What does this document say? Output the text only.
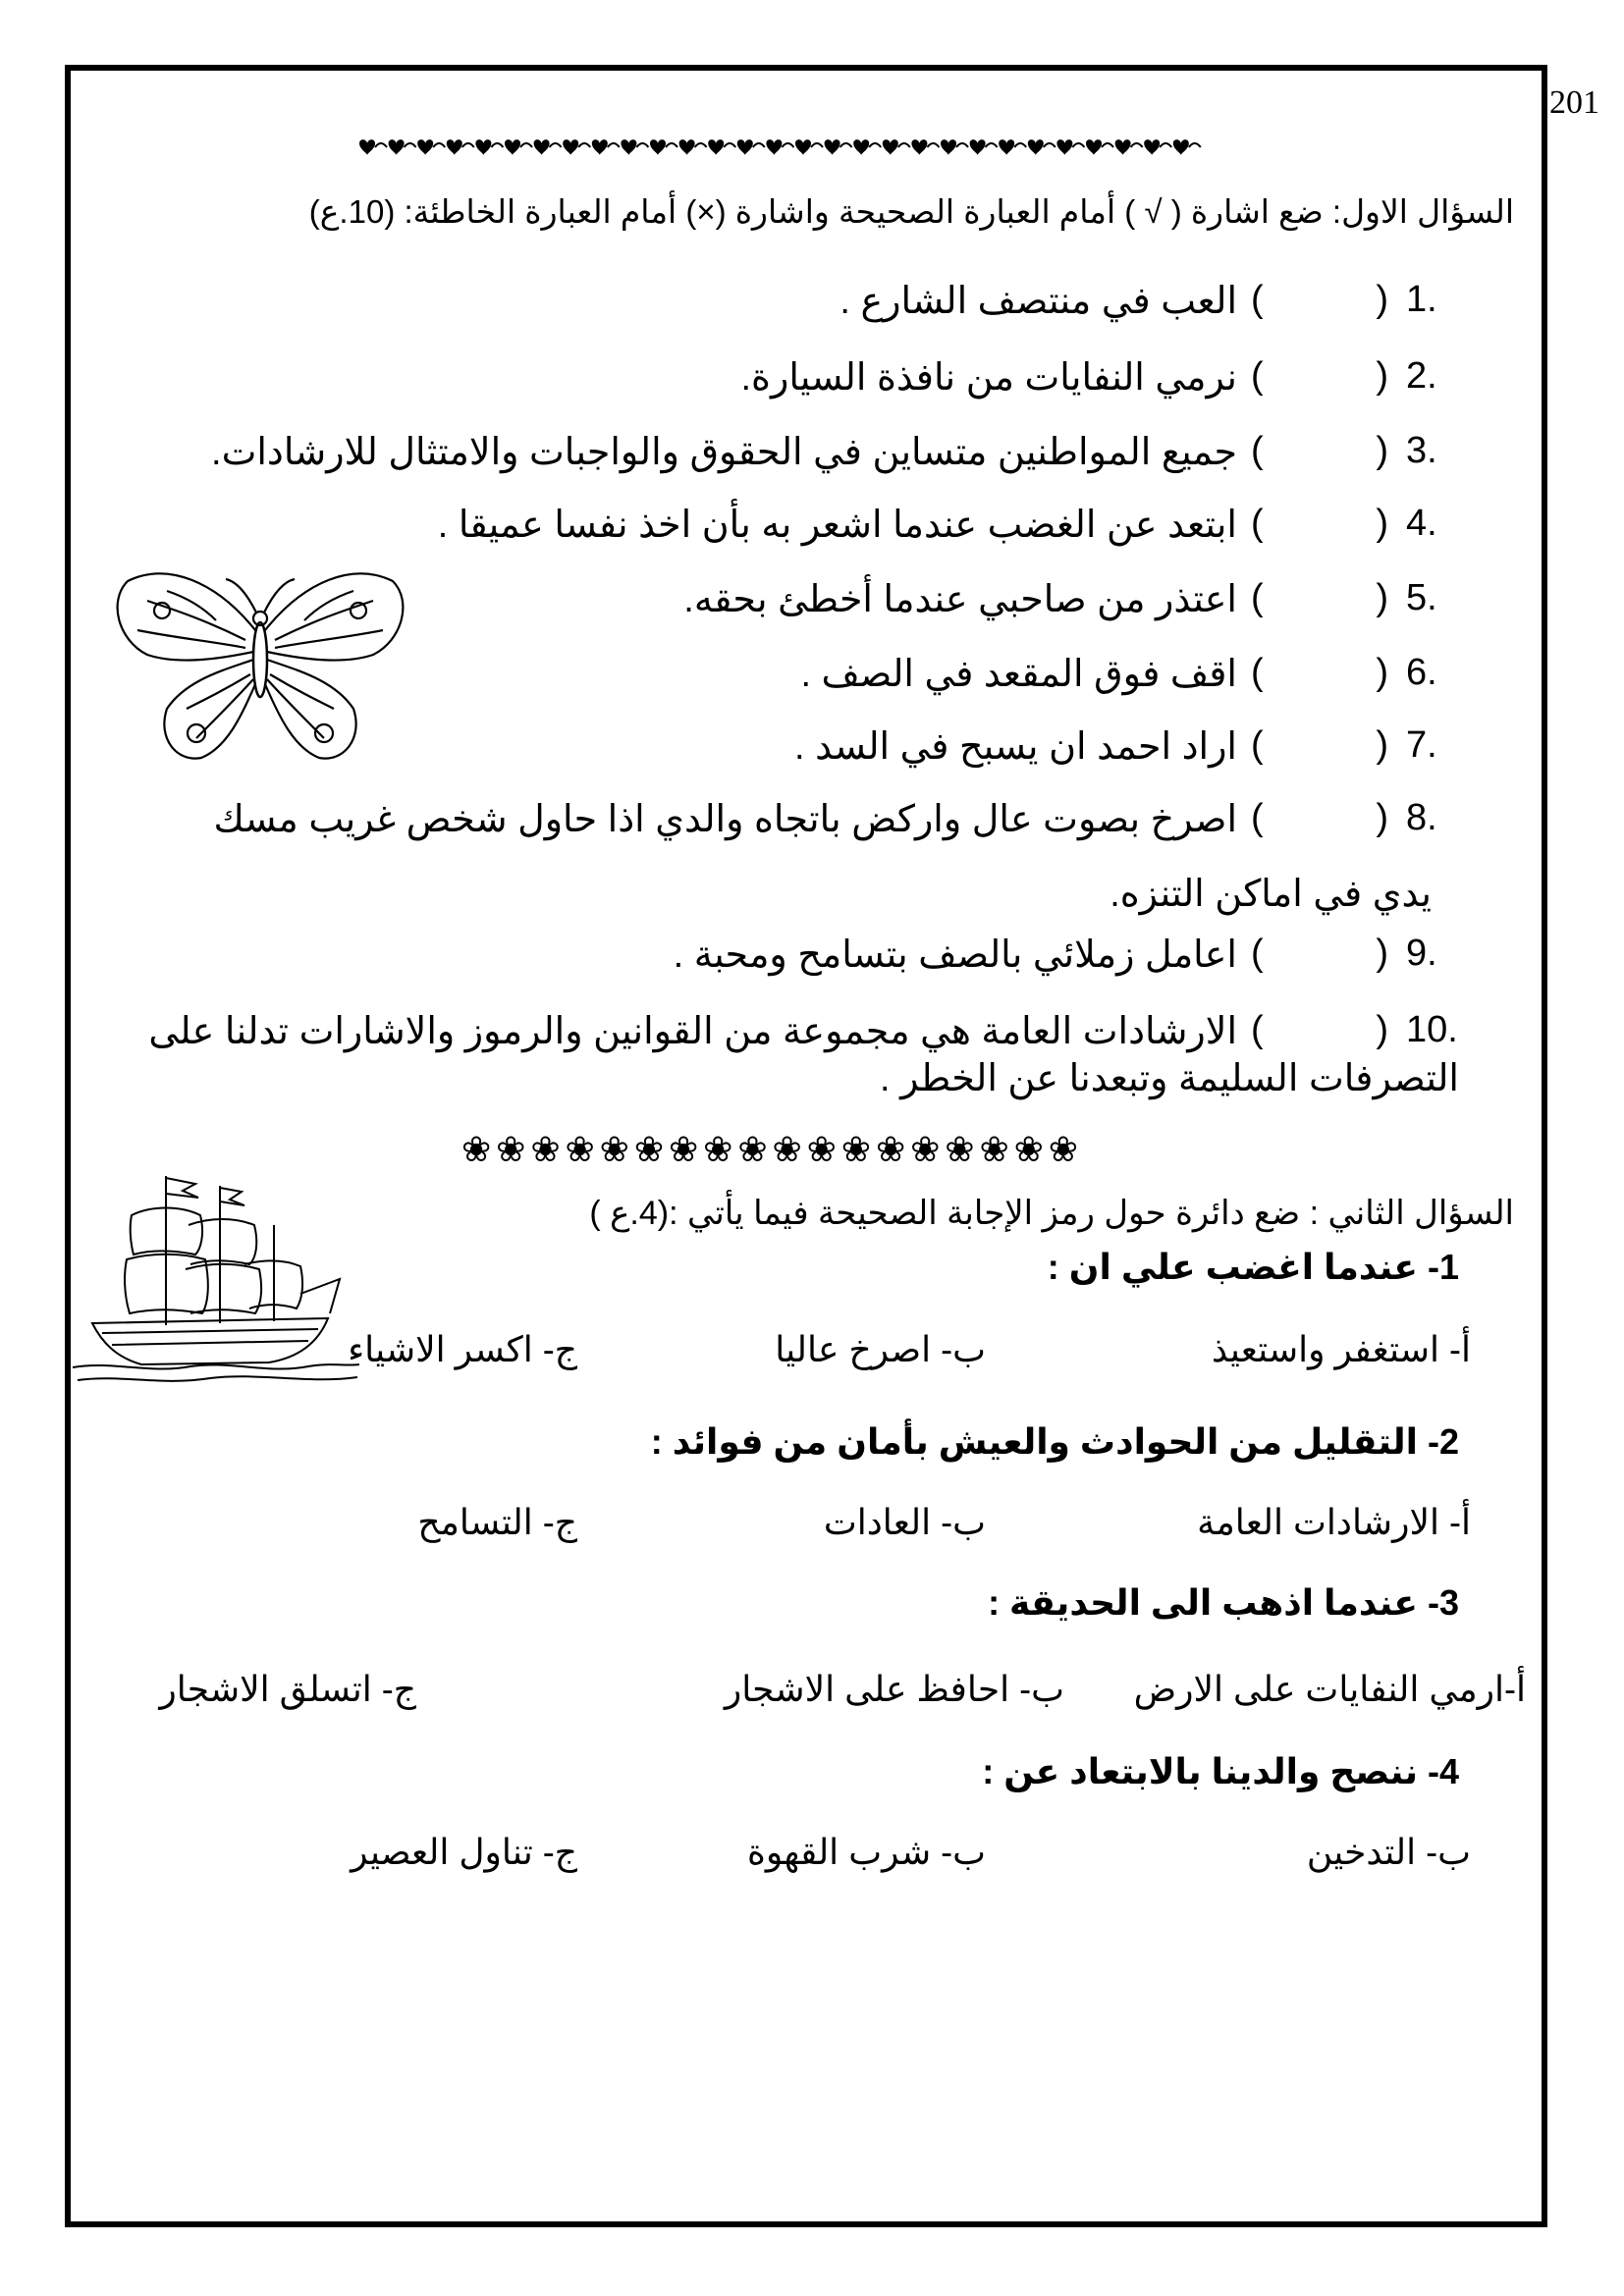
201
السؤال الاول: ضع اشارة ( √ ) أمام العبارة الصحيحة واشارة (×) أمام العبارة الخاطئة: (10.ع)
1.
( )
العب في منتصف الشارع .
2.
( )
نرمي النفايات من نافذة السيارة.
3.
( )
جميع المواطنين متساين في الحقوق والواجبات والامتثال للارشادات.
4.
( )
ابتعد عن الغضب عندما اشعر به بأن اخذ نفسا عميقا .
5.
( )
اعتذر من صاحبي عندما أخطئ بحقه.
6.
( )
اقف فوق المقعد في الصف .
7.
( )
اراد احمد ان يسبح في السد .
8.
( )
اصرخ بصوت عال واركض باتجاه والدي اذا حاول شخص غريب مسك
يدي في اماكن التنزه.
9.
( )
اعامل زملائي بالصف بتسامح ومحبة .
10.
( )
الارشادات العامة هي مجموعة من القوانين والرموز والاشارات تدلنا على
التصرفات السليمة وتبعدنا عن الخطر .
❀❀❀❀❀❀❀❀❀❀❀❀❀❀❀❀❀❀
السؤال الثاني : ضع دائرة حول رمز الإجابة الصحيحة فيما يأتي :(4.ع )
1- عندما اغضب علي ان :
أ- استغفر واستعيذ
ب- اصرخ عاليا
ج- اكسر الاشياء
2- التقليل من الحوادث والعيش بأمان من فوائد :
أ- الارشادات العامة
ب- العادات
ج- التسامح
3- عندما اذهب الى الحديقة :
أ-ارمي النفايات على الارض
ب- احافظ على الاشجار
ج- اتسلق الاشجار
4- ننصح والدينا بالابتعاد عن :
ب- التدخين
ب- شرب القهوة
ج- تناول العصير
